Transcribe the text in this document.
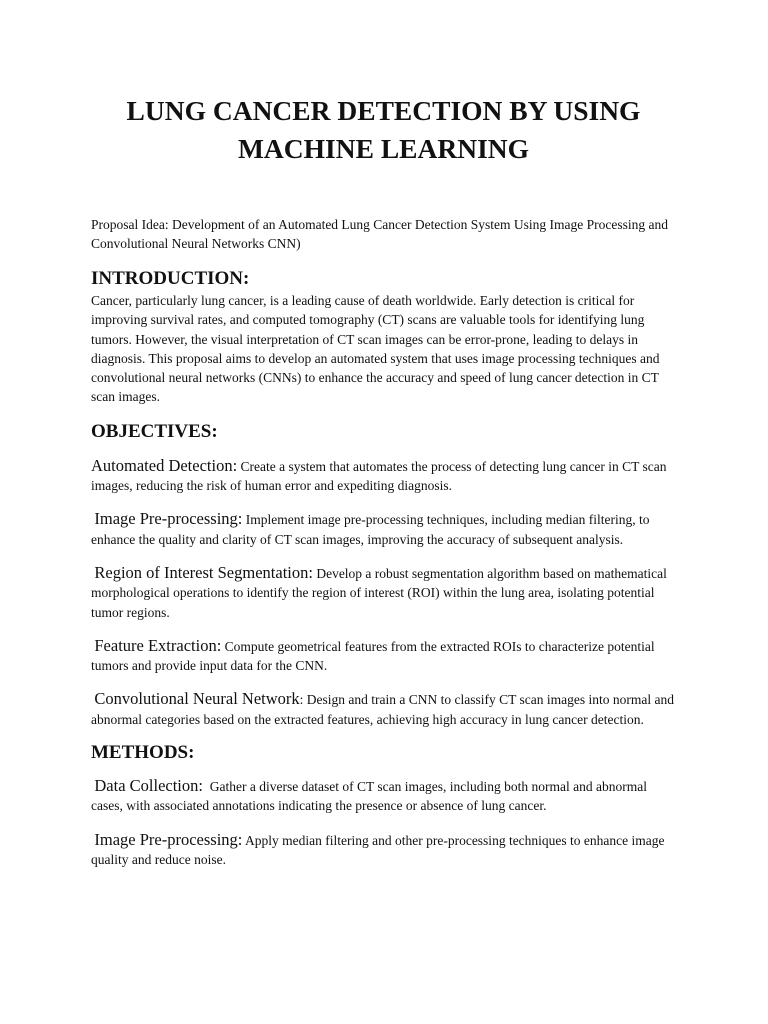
LUNG CANCER DETECTION BY USING
MACHINE LEARNING

Proposal Idea: Development of an Automated Lung Cancer Detection System Using Image Processing and Convolutional Neural Networks CNN)

INTRODUCTION:

Cancer, particularly lung cancer, is a leading cause of death worldwide. Early detection is critical for improving survival rates, and computed tomography (CT) scans are valuable tools for identifying lung tumors. However, the visual interpretation of CT scan images can be error-prone, leading to delays in diagnosis. This proposal aims to develop an automated system that uses image processing techniques and convolutional neural networks (CNNs) to enhance the accuracy and speed of lung cancer detection in CT scan images.

OBJECTIVES:

Automated Detection: Create a system that automates the process of detecting lung cancer in CT scan images, reducing the risk of human error and expediting diagnosis.

Image Pre-processing: Implement image pre-processing techniques, including median filtering, to enhance the quality and clarity of CT scan images, improving the accuracy of subsequent analysis.

Region of Interest Segmentation: Develop a robust segmentation algorithm based on mathematical morphological operations to identify the region of interest (ROI) within the lung area, isolating potential tumor regions.

Feature Extraction: Compute geometrical features from the extracted ROIs to characterize potential tumors and provide input data for the CNN.

Convolutional Neural Network: Design and train a CNN to classify CT scan images into normal and abnormal categories based on the extracted features, achieving high accuracy in lung cancer detection.

METHODS:

Data Collection: Gather a diverse dataset of CT scan images, including both normal and abnormal cases, with associated annotations indicating the presence or absence of lung cancer.

Image Pre-processing: Apply median filtering and other pre-processing techniques to enhance image quality and reduce noise.
